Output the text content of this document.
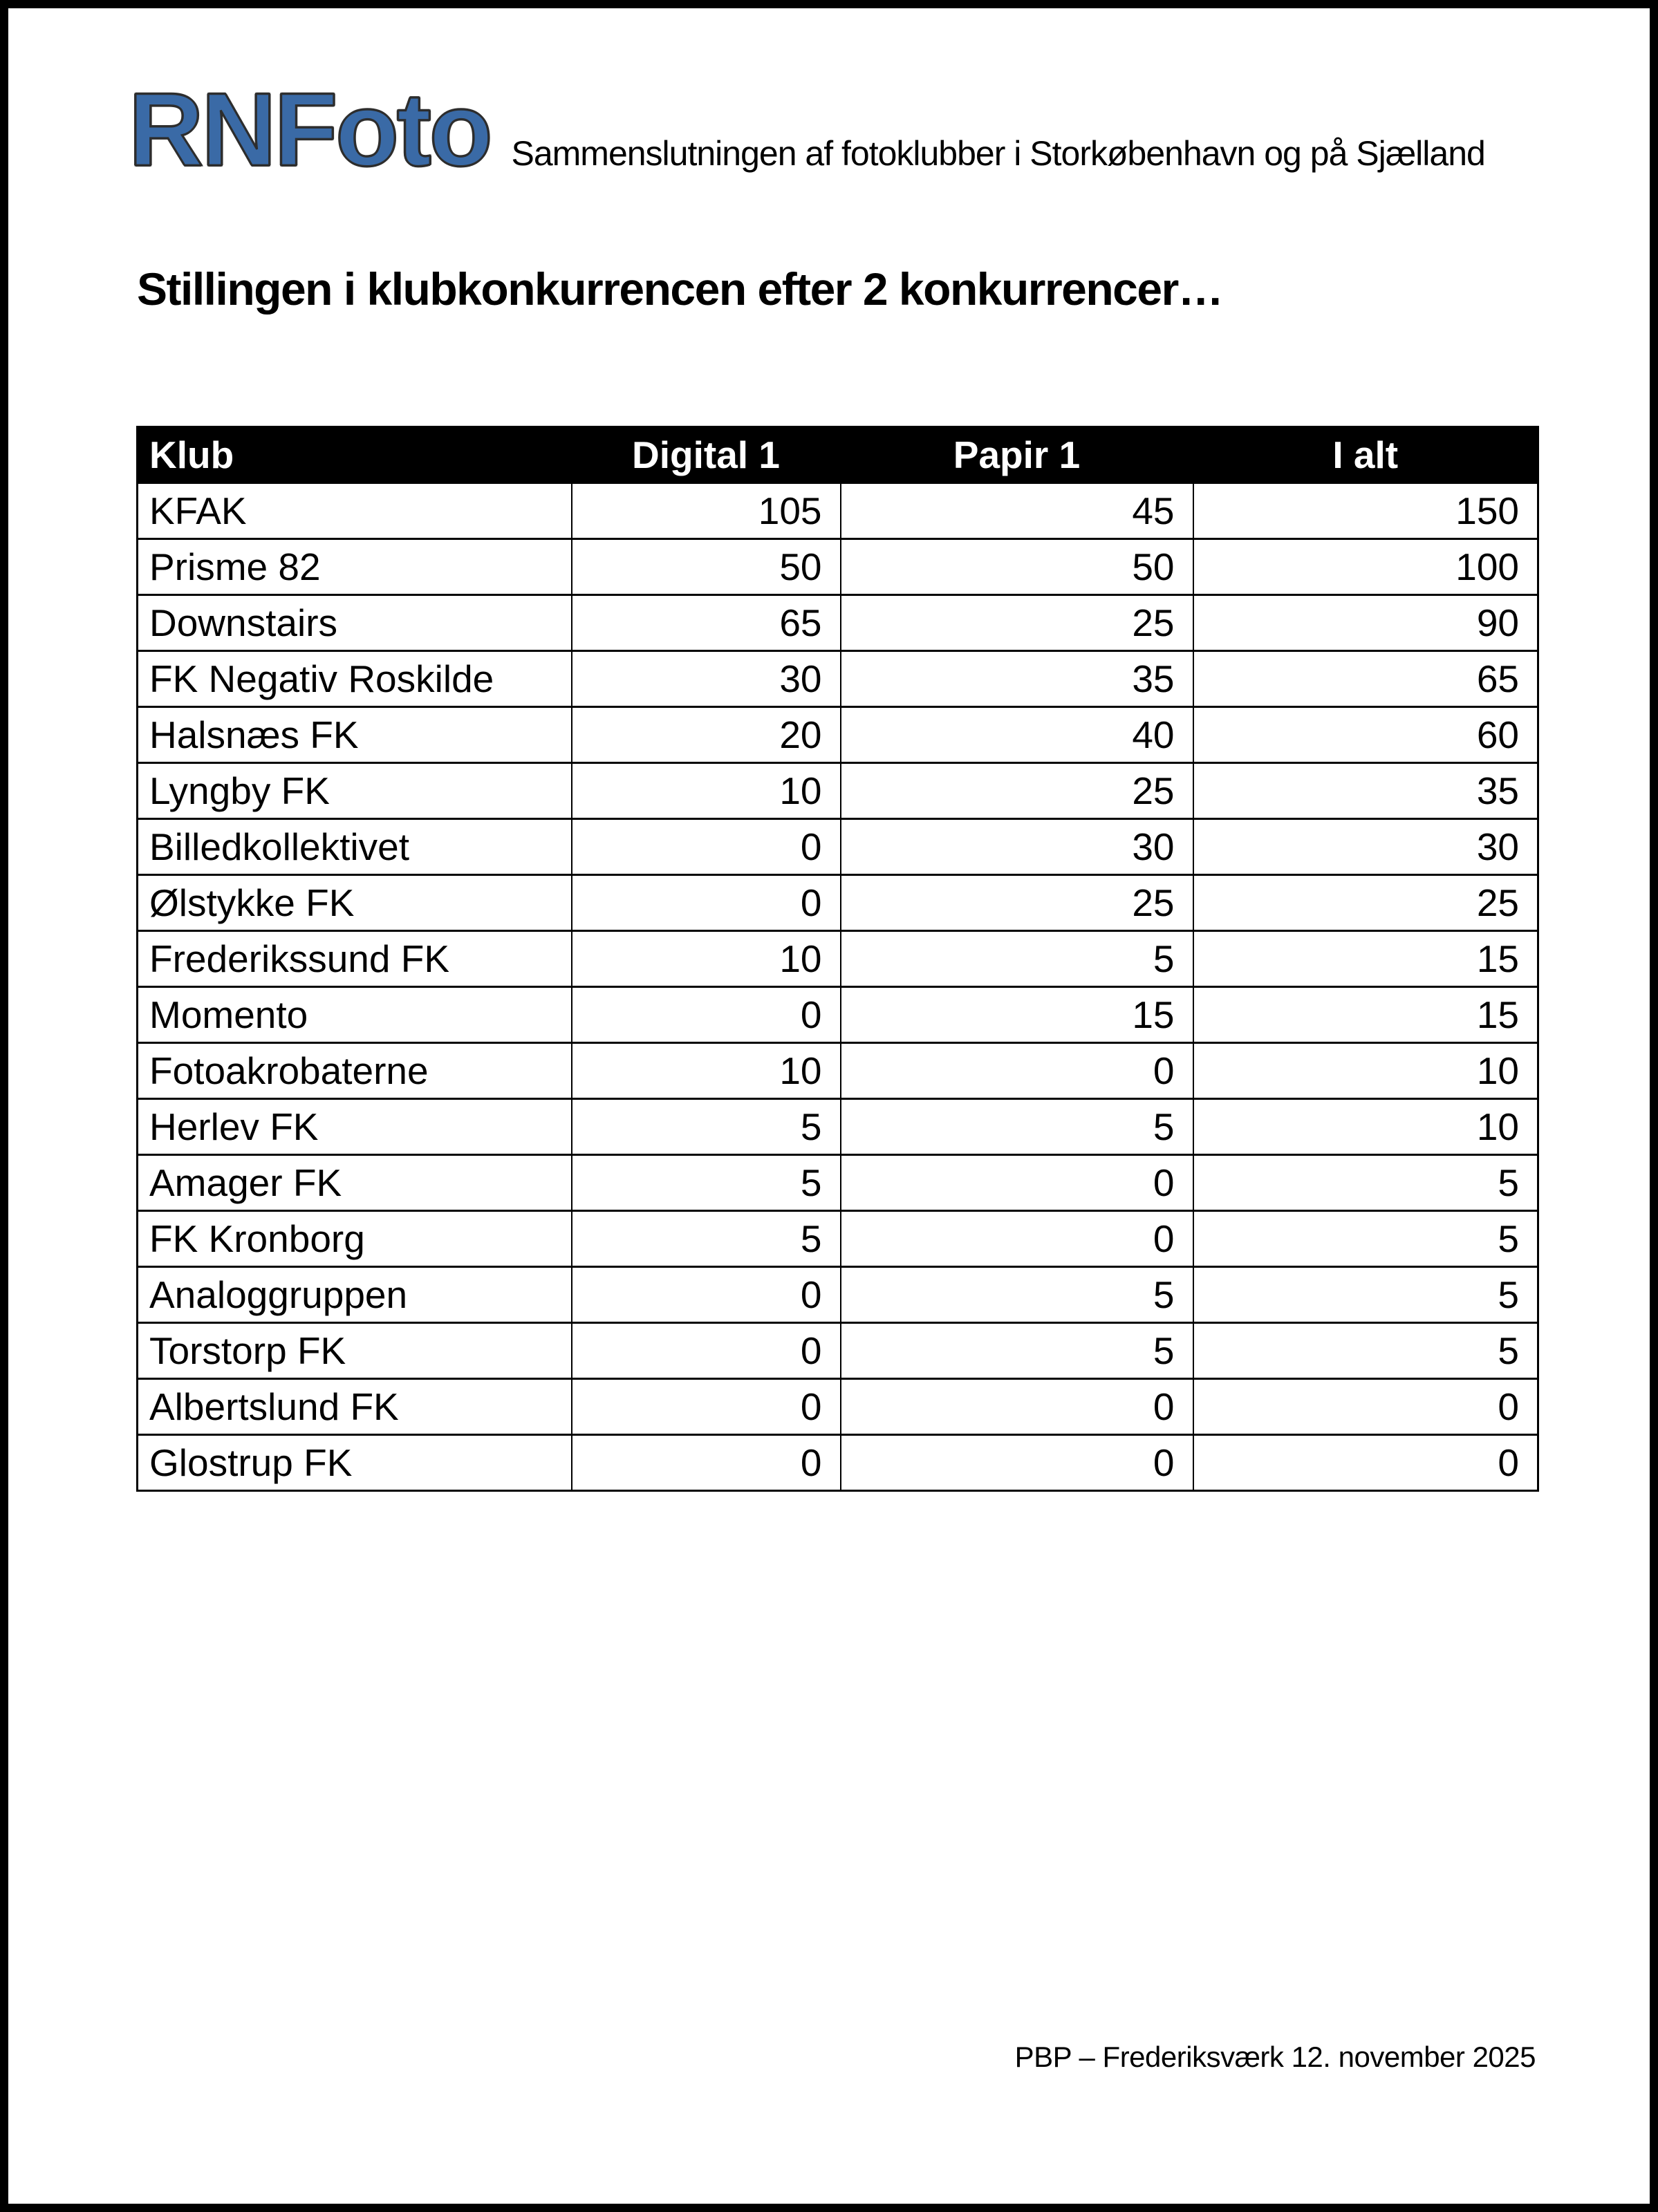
RNFoto Sammenslutningen af fotoklubber i Storkøbenhavn og på Sjælland
Stillingen i klubkonkurrencen efter 2 konkurrencer…
Klub	Digital 1	Papir 1	I alt
KFAK	105	45	150
Prisme 82	50	50	100
Downstairs	65	25	90
FK Negativ Roskilde	30	35	65
Halsnæs FK	20	40	60
Lyngby FK	10	25	35
Billedkollektivet	0	30	30
Ølstykke FK	0	25	25
Frederikssund FK	10	5	15
Momento	0	15	15
Fotoakrobaterne	10	0	10
Herlev FK	5	5	10
Amager FK	5	0	5
FK Kronborg	5	0	5
Analoggruppen	0	5	5
Torstorp FK	0	5	5
Albertslund FK	0	0	0
Glostrup FK	0	0	0
PBP – Frederiksværk 12. november 2025
